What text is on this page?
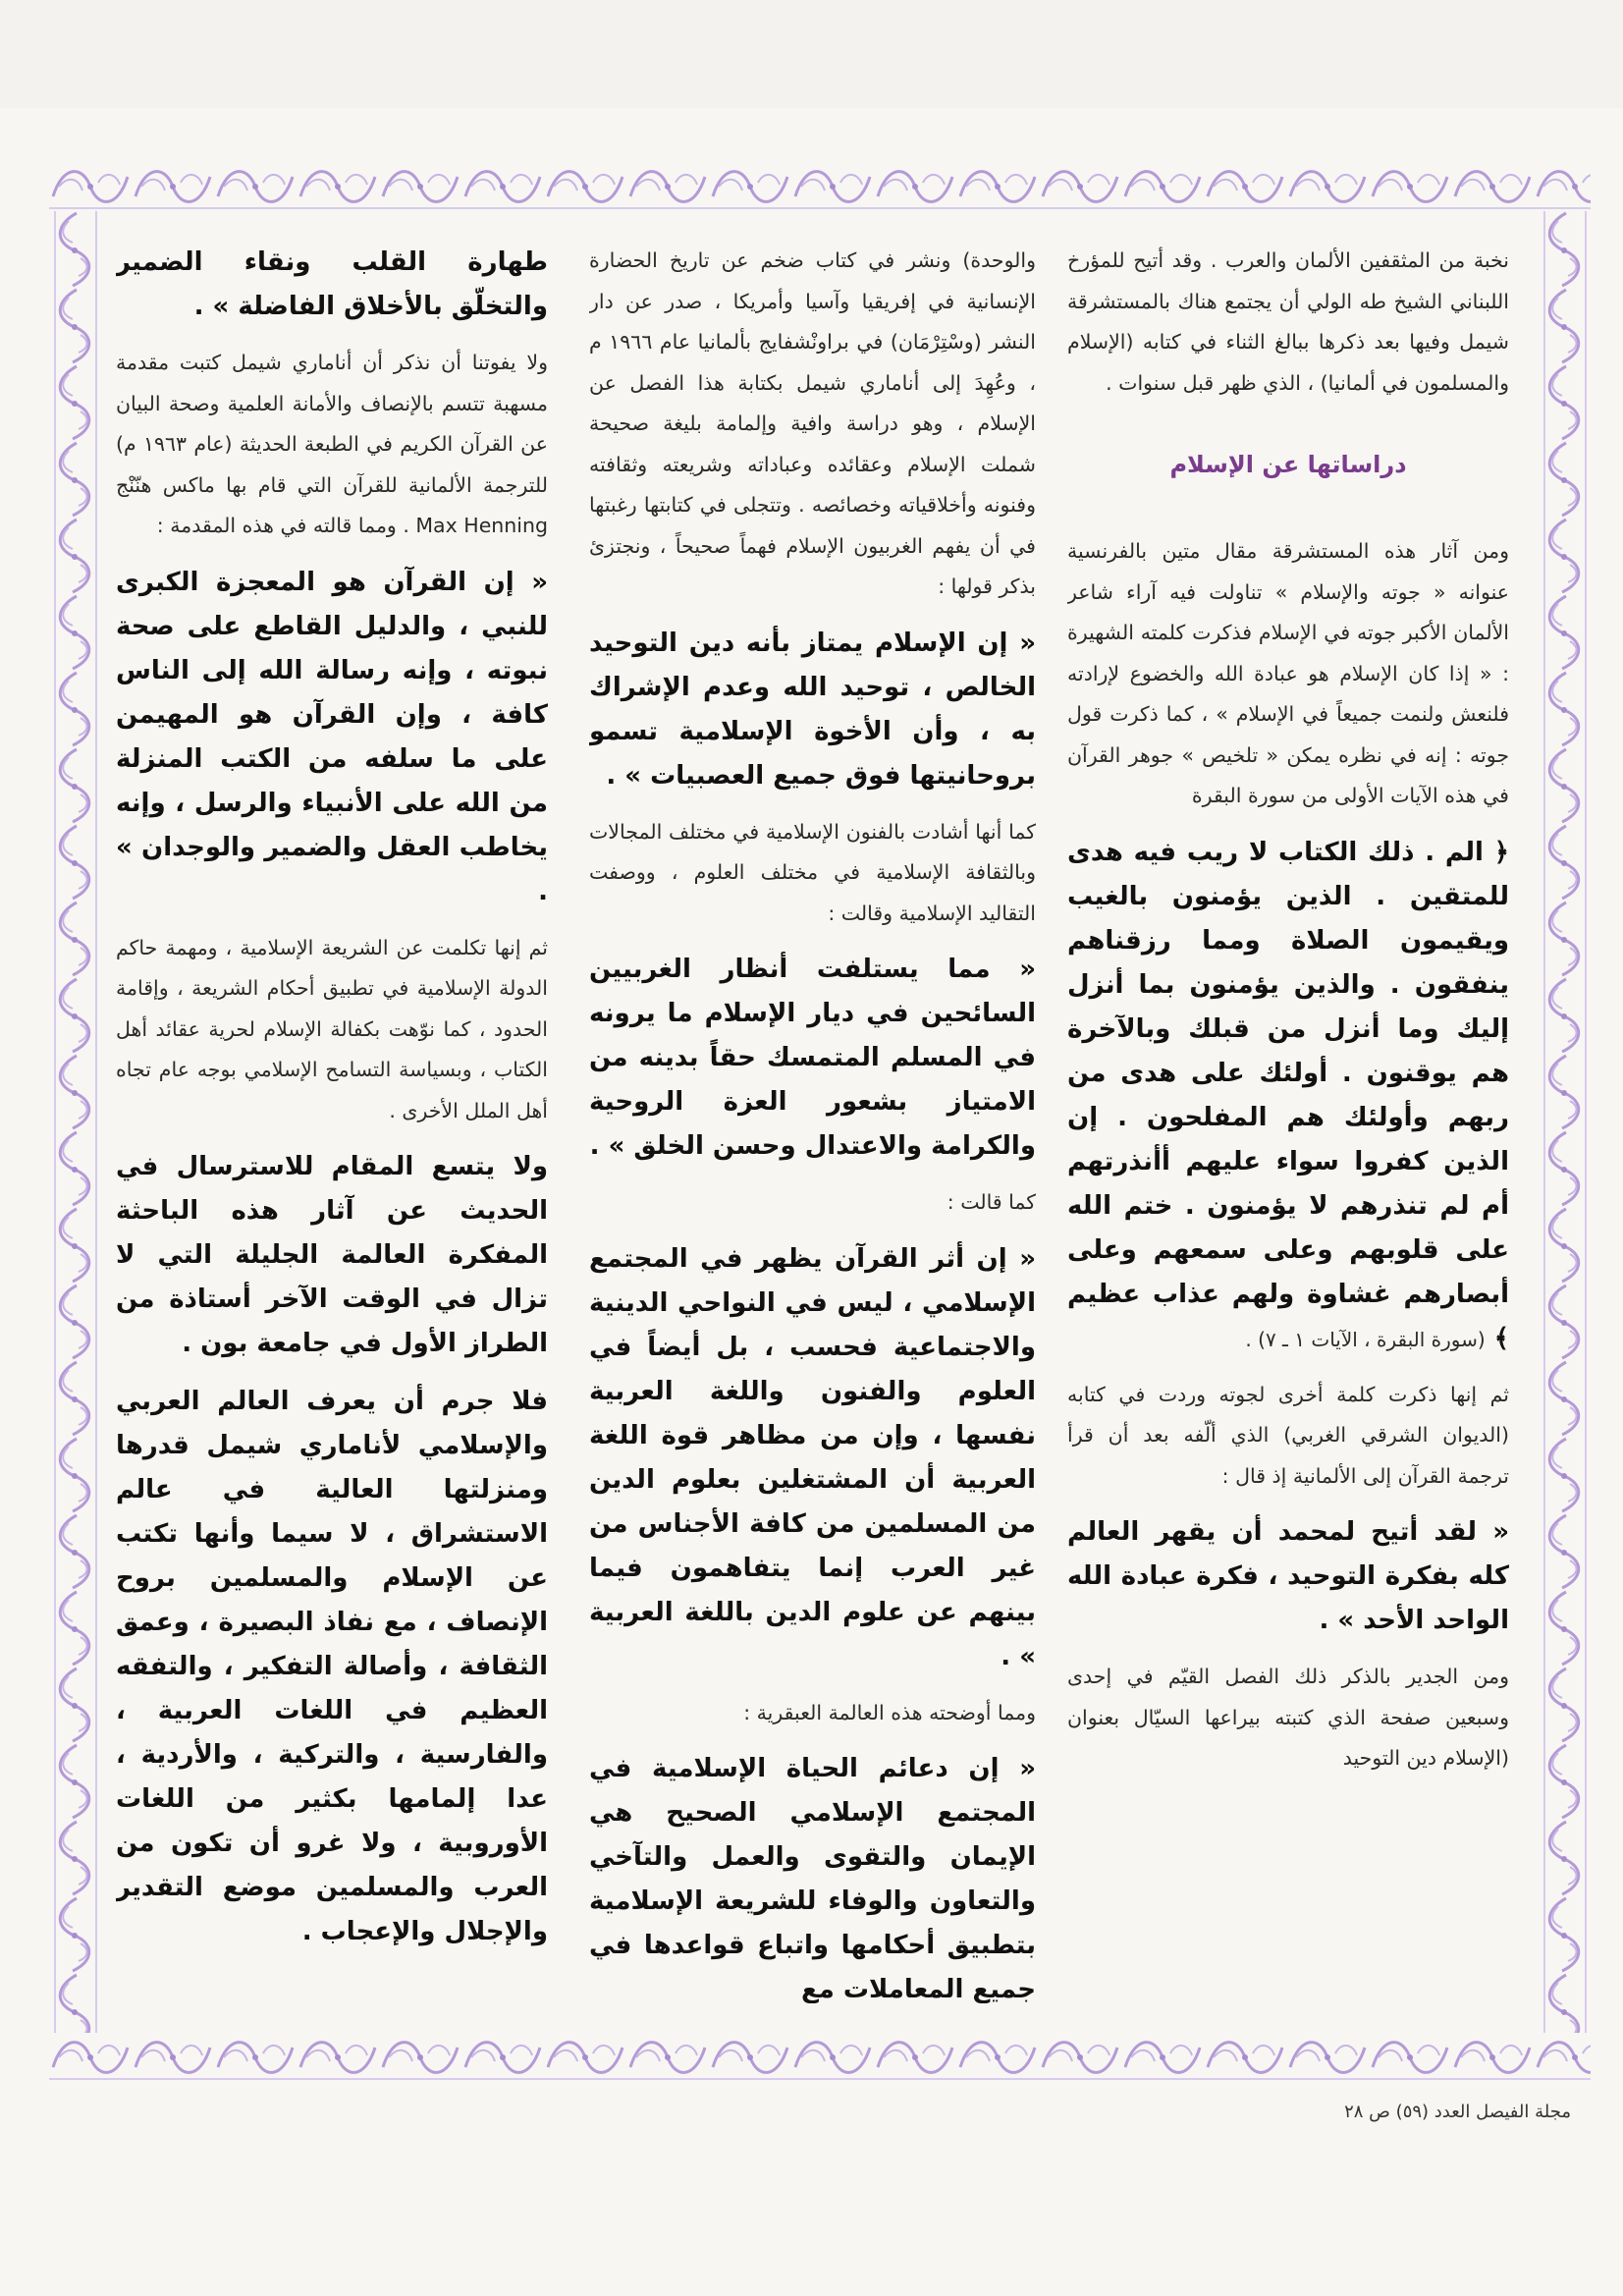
نخبة من المثقفين الألمان والعرب . وقد أتيح للمؤرخ اللبناني الشيخ طه الولي أن يجتمع هناك بالمستشرقة شيمل وفيها بعد ذكرها ببالغ الثناء في كتابه (الإسلام والمسلمون في ألمانيا) ، الذي ظهر قبل سنوات .

دراساتها عن الإسلام

ومن آثار هذه المستشرقة مقال متين بالفرنسية عنوانه « جوته والإسلام » تناولت فيه آراء شاعر الألمان الأكبر جوته في الإسلام فذكرت كلمته الشهيرة : « إذا كان الإسلام هو عبادة الله والخضوع لإرادته فلنعش ولنمت جميعاً في الإسلام » ، كما ذكرت قول جوته : إنه في نظره يمكن « تلخيص » جوهر القرآن في هذه الآيات الأولى من سورة البقرة

﴿ الم . ذلك الكتاب لا ريب فيه هدى للمتقين . الذين يؤمنون بالغيب ويقيمون الصلاة ومما رزقناهم ينفقون . والذين يؤمنون بما أنزل إليك وما أنزل من قبلك وبالآخرة هم يوقنون . أولئك على هدى من ربهم وأولئك هم المفلحون . إن الذين كفروا سواء عليهم أأنذرتهم أم لم تنذرهم لا يؤمنون . ختم الله على قلوبهم وعلى سمعهم وعلى أبصارهم غشاوة ولهم عذاب عظيم ﴾ (سورة البقرة ، الآيات ١ ـ ٧) .

ثم إنها ذكرت كلمة أخرى لجوته وردت في كتابه (الديوان الشرقي الغربي) الذي ألّفه بعد أن قرأ ترجمة القرآن إلى الألمانية إذ قال :

« لقد أتيح لمحمد أن يقهر العالم كله بفكرة التوحيد ، فكرة عبادة الله الواحد الأحد » .

ومن الجدير بالذكر ذلك الفصل القيّم في إحدى وسبعين صفحة الذي كتبته بيراعها السيّال بعنوان (الإسلام دين التوحيد

والوحدة) ونشر في كتاب ضخم عن تاريخ الحضارة الإنسانية في إفريقيا وآسيا وأمريكا ، صدر عن دار النشر (وسْتِرْمَان) في براونْشفايج بألمانيا عام ١٩٦٦ م ، وعُهِدَ إلى أناماري شيمل بكتابة هذا الفصل عن الإسلام ، وهو دراسة وافية وإلمامة بليغة صحيحة شملت الإسلام وعقائده وعباداته وشريعته وثقافته وفنونه وأخلاقياته وخصائصه . وتتجلى في كتابتها رغبتها في أن يفهم الغربيون الإسلام فهماً صحيحاً ، ونجتزئ بذكر قولها :

« إن الإسلام يمتاز بأنه دين التوحيد الخالص ، توحيد الله وعدم الإشراك به ، وأن الأخوة الإسلامية تسمو بروحانيتها فوق جميع العصبيات » .

كما أنها أشادت بالفنون الإسلامية في مختلف المجالات وبالثقافة الإسلامية في مختلف العلوم ، ووصفت التقاليد الإسلامية وقالت :

« مما يستلفت أنظار الغربيين السائحين في ديار الإسلام ما يرونه في المسلم المتمسك حقاً بدينه من الامتياز بشعور العزة الروحية والكرامة والاعتدال وحسن الخلق » .

كما قالت :

« إن أثر القرآن يظهر في المجتمع الإسلامي ، ليس في النواحي الدينية والاجتماعية فحسب ، بل أيضاً في العلوم والفنون واللغة العربية نفسها ، وإن من مظاهر قوة اللغة العربية أن المشتغلين بعلوم الدين من المسلمين من كافة الأجناس من غير العرب إنما يتفاهمون فيما بينهم عن علوم الدين باللغة العربية » .

ومما أوضحته هذه العالمة العبقرية :

« إن دعائم الحياة الإسلامية في المجتمع الإسلامي الصحيح هي الإيمان والتقوى والعمل والتآخي والتعاون والوفاء للشريعة الإسلامية بتطبيق أحكامها واتباع قواعدها في جميع المعاملات مع

طهارة القلب ونقاء الضمير والتخلّق بالأخلاق الفاضلة » .

ولا يفوتنا أن نذكر أن أناماري شيمل كتبت مقدمة مسهبة تتسم بالإنصاف والأمانة العلمية وصحة البيان عن القرآن الكريم في الطبعة الحديثة (عام ١٩٦٣ م) للترجمة الألمانية للقرآن التي قام بها ماكس هنّنْج Max Henning . ومما قالته في هذه المقدمة :

« إن القرآن هو المعجزة الكبرى للنبي ، والدليل القاطع على صحة نبوته ، وإنه رسالة الله إلى الناس كافة ، وإن القرآن هو المهيمن على ما سلفه من الكتب المنزلة من الله على الأنبياء والرسل ، وإنه يخاطب العقل والضمير والوجدان » .

ثم إنها تكلمت عن الشريعة الإسلامية ، ومهمة حاكم الدولة الإسلامية في تطبيق أحكام الشريعة ، وإقامة الحدود ، كما نوّهت بكفالة الإسلام لحرية عقائد أهل الكتاب ، وبسياسة التسامح الإسلامي بوجه عام تجاه أهل الملل الأخرى .

ولا يتسع المقام للاسترسال في الحديث عن آثار هذه الباحثة المفكرة العالمة الجليلة التي لا تزال في الوقت الآخر أستاذة من الطراز الأول في جامعة بون .

فلا جرم أن يعرف العالم العربي والإسلامي لأناماري شيمل قدرها ومنزلتها العالية في عالم الاستشراق ، لا سيما وأنها تكتب عن الإسلام والمسلمين بروح الإنصاف ، مع نفاذ البصيرة ، وعمق الثقافة ، وأصالة التفكير ، والتفقه العظيم في اللغات العربية ، والفارسية ، والتركية ، والأردية ، عدا إلمامها بكثير من اللغات الأوروبية ، ولا غرو أن تكون من العرب والمسلمين موضع التقدير والإجلال والإعجاب .

مجلة الفيصل العدد (٥٩) ص ٢٨
